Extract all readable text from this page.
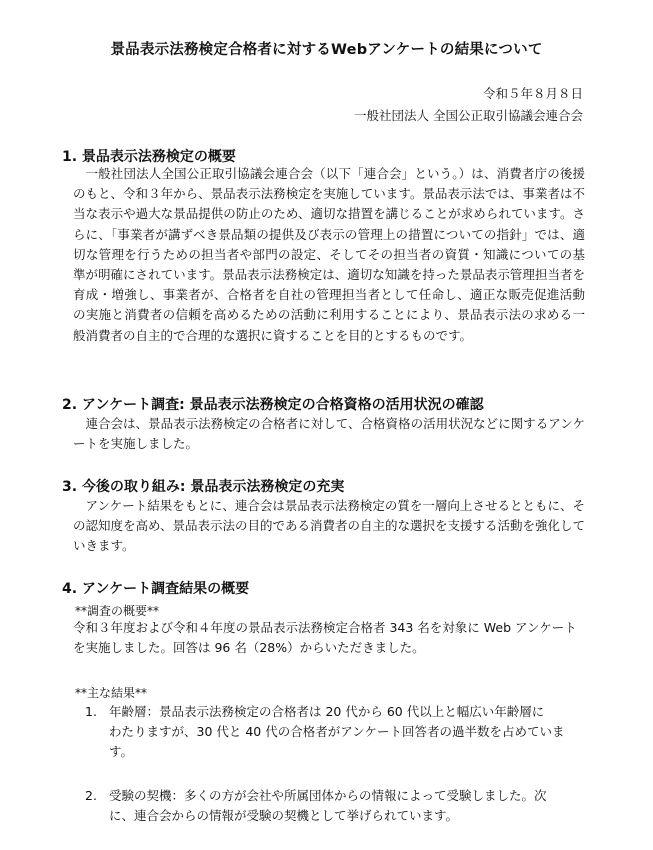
景品表示法務検定合格者に対するWebアンケートの結果について
令和５年８月８日
一般社団法人 全国公正取引協議会連合会
1. 景品表示法務検定の概要
一般社団法人全国公正取引協議会連合会（以下「連合会」という。）は、消費者庁の後援のもと、令和３年から、景品表示法務検定を実施しています。景品表示法では、事業者は不当な表示や過大な景品提供の防止のため、適切な措置を講じることが求められています。さらに、「事業者が講ずべき景品類の提供及び表示の管理上の措置についての指針」では、適切な管理を行うための担当者や部門の設定、そしてその担当者の資質・知識についての基準が明確にされています。景品表示法務検定は、適切な知識を持った景品表示管理担当者を育成・増強し、事業者が、合格者を自社の管理担当者として任命し、適正な販売促進活動の実施と消費者の信頼を高めるための活動に利用することにより、景品表示法の求める一般消費者の自主的で合理的な選択に資することを目的とするものです。
2. アンケート調査: 景品表示法務検定の合格資格の活用状況の確認
連合会は、景品表示法務検定の合格者に対して、合格資格の活用状況などに関するアンケートを実施しました。
3. 今後の取り組み: 景品表示法務検定の充実
アンケート結果をもとに、連合会は景品表示法務検定の質を一層向上させるとともに、その認知度を高め、景品表示法の目的である消費者の自主的な選択を支援する活動を強化していきます。
4. アンケート調査結果の概要
**調査の概要**
令和３年度および令和４年度の景品表示法務検定合格者 343 名を対象に Web アンケートを実施しました。回答は 96 名（28%）からいただきました。
**主な結果**
1. 年齢層：景品表示法務検定の合格者は 20 代から 60 代以上と幅広い年齢層に
わたりますが、30 代と 40 代の合格者がアンケート回答者の過半数を占めています。
2. 受験の契機：多くの方が会社や所属団体からの情報によって受験しました。次
に、連合会からの情報が受験の契機として挙げられています。
